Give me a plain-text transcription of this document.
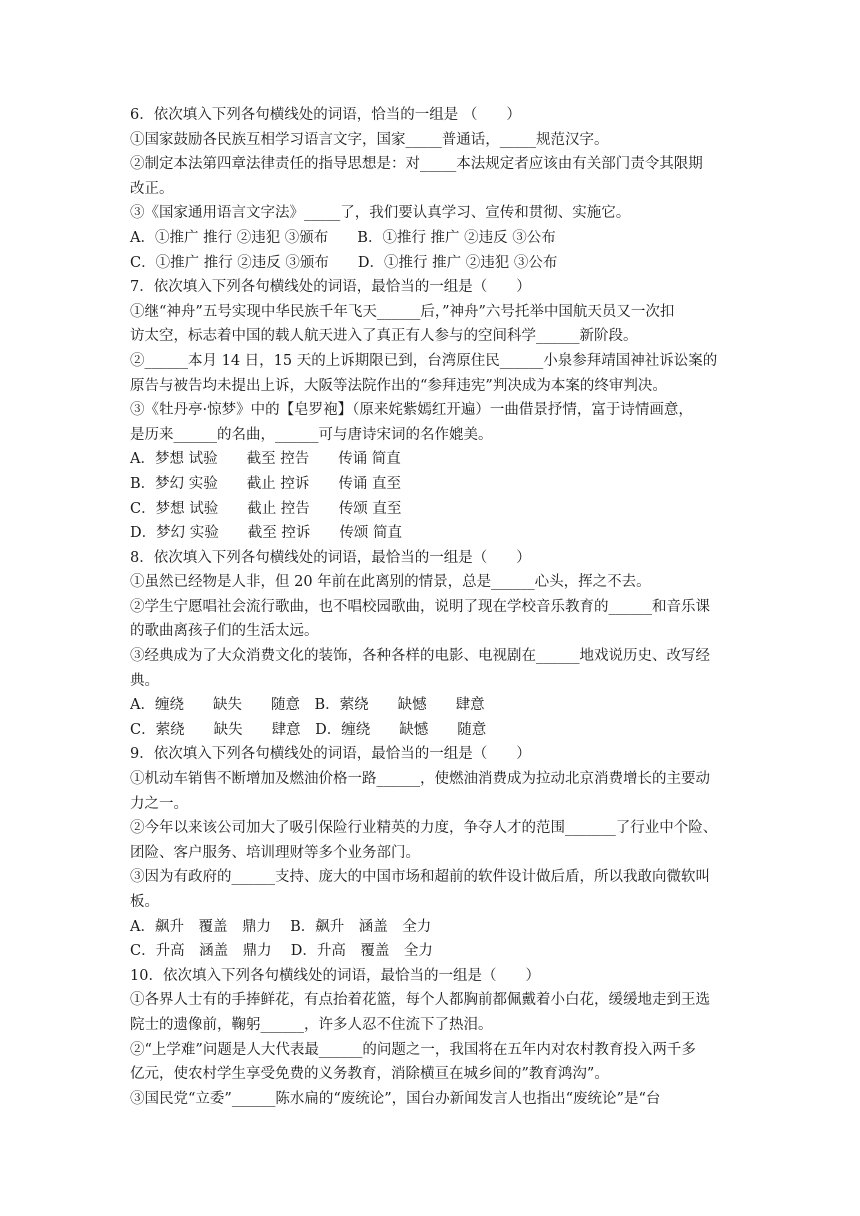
6．依次填入下列各句横线处的词语，恰当的一组是 （　　）
①国家鼓励各民族互相学习语言文字，国家_____普通话，_____规范汉字。
②制定本法第四章法律责任的指导思想是：对_____本法规定者应该由有关部门责令其限期
改正。
③《国家通用语言文字法》_____了，我们要认真学习、宣传和贯彻、实施它。
A．①推广 推行 ②违犯 ③颁布　　B．①推行 推广 ②违反 ③公布
C．①推广 推行 ②违反 ③颁布　　D．①推行 推广 ②违犯 ③公布
7．依次填入下列各句横线处的词语，最恰当的一组是（　　）
①继“神舟”五号实现中华民族千年飞天______后，”神舟”六号托举中国航天员又一次扣
访太空，标志着中国的载人航天进入了真正有人参与的空间科学______新阶段。
②______本月 14 日，15 天的上诉期限已到，台湾原住民______小泉参拜靖国神社诉讼案的
原告与被告均未提出上诉，大阪等法院作出的“参拜违宪”判决成为本案的终审判决。
③《牡丹亭·惊梦》中的【皂罗袍】（原来姹紫嫣红开遍）一曲借景抒情，富于诗情画意，
是历来______的名曲，______可与唐诗宋词的名作媲美。
A．梦想 试验　　截至 控告　　传诵 简直
B．梦幻 实验　　截止 控诉　　传诵 直至
C．梦想 试验　　截止 控告　　传颂 直至
D．梦幻 实验　　截至 控诉　　传颂 简直
8．依次填入下列各句横线处的词语，最恰当的一组是（　　）
①虽然已经物是人非，但 20 年前在此离别的情景，总是______心头，挥之不去。
②学生宁愿唱社会流行歌曲，也不唱校园歌曲，说明了现在学校音乐教育的______和音乐课
的歌曲离孩子们的生活太远。
③经典成为了大众消费文化的装饰，各种各样的电影、电视剧在______地戏说历史、改写经
典。
A．缠绕　　缺失　　随意　B．萦绕　　缺憾　　肆意
C．萦绕　　缺失　　肆意　D．缠绕　　缺憾　　随意
9．依次填入下列各句横线处的词语，最恰当的一组是（　　）
①机动车销售不断增加及燃油价格一路______，使燃油消费成为拉动北京消费增长的主要动
力之一。
②今年以来该公司加大了吸引保险行业精英的力度，争夺人才的范围_______了行业中个险、
团险、客户服务、培训理财等多个业务部门。
③因为有政府的______支持、庞大的中国市场和超前的软件设计做后盾，所以我敢向微软叫
板。
A．飙升　覆盖　鼎力　 B．飙升　涵盖　全力
C．升高　涵盖　鼎力　 D．升高　覆盖　全力
10．依次填入下列各句横线处的词语，最恰当的一组是（　　）
①各界人士有的手捧鲜花，有点抬着花篮，每个人都胸前都佩戴着小白花，缓缓地走到王选
院士的遗像前，鞠躬______，许多人忍不住流下了热泪。
②“上学难”问题是人大代表最______的问题之一，我国将在五年内对农村教育投入两千多
亿元，使农村学生享受免费的义务教育，消除横亘在城乡间的”教育鸿沟”。
③国民党“立委”______陈水扁的“废统论”，国台办新闻发言人也指出“废统论”是“台
